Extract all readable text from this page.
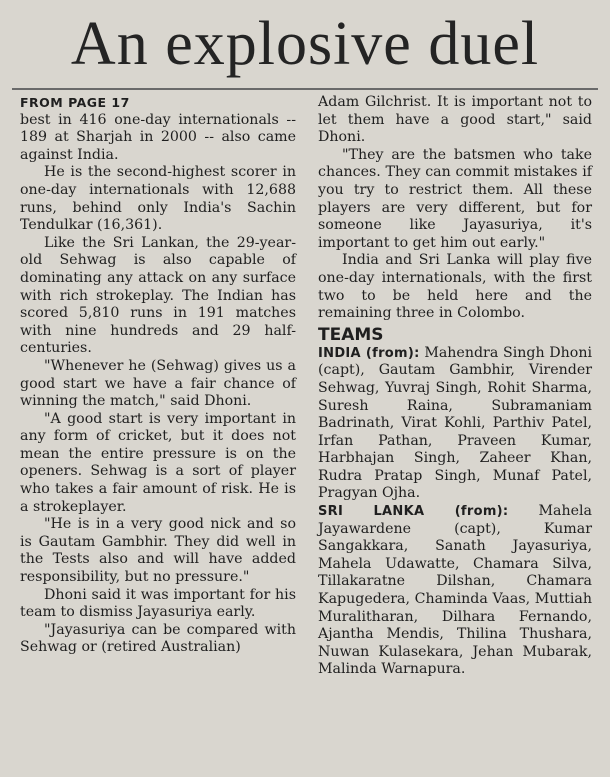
An explosive duel
FROM PAGE 17

best in 416 one-day internationals -- 189 at Sharjah in 2000 -- also came against India.

He is the second-highest scorer in one-day internationals with 12,688 runs, behind only India's Sachin Tendulkar (16,361).

Like the Sri Lankan, the 29-year-old Sehwag is also capable of dominating any attack on any surface with rich strokeplay. The Indian has scored 5,810 runs in 191 matches with nine hundreds and 29 half-centuries.

"Whenever he (Sehwag) gives us a good start we have a fair chance of winning the match," said Dhoni.

"A good start is very important in any form of cricket, but it does not mean the entire pressure is on the openers. Sehwag is a sort of player who takes a fair amount of risk. He is a strokeplayer.

"He is in a very good nick and so is Gautam Gambhir. They did well in the Tests also and will have added responsibility, but no pressure."

Dhoni said it was important for his team to dismiss Jayasuriya early.

"Jayasuriya can be compared with Sehwag or (retired Australian)

Adam Gilchrist. It is important not to let them have a good start," said Dhoni.

"They are the batsmen who take chances. They can commit mistakes if you try to restrict them. All these players are very different, but for someone like Jayasuriya, it's important to get him out early."

India and Sri Lanka will play five one-day internationals, with the first two to be held here and the remaining three in Colombo.

TEAMS

INDIA (from): Mahendra Singh Dhoni (capt), Gautam Gambhir, Virender Sehwag, Yuvraj Singh, Rohit Sharma, Suresh Raina, Subramaniam Badrinath, Virat Kohli, Parthiv Patel, Irfan Pathan, Praveen Kumar, Harbhajan Singh, Zaheer Khan, Rudra Pratap Singh, Munaf Patel, Pragyan Ojha.

SRI LANKA (from): Mahela Jayawardene (capt), Kumar Sangakkara, Sanath Jayasuriya, Mahela Udawatte, Chamara Silva, Tillakaratne Dilshan, Chamara Kapugedera, Chaminda Vaas, Muttiah Muralitharan, Dilhara Fernando, Ajantha Mendis, Thilina Thushara, Nuwan Kulasekara, Jehan Mubarak, Malinda Warnapura.
